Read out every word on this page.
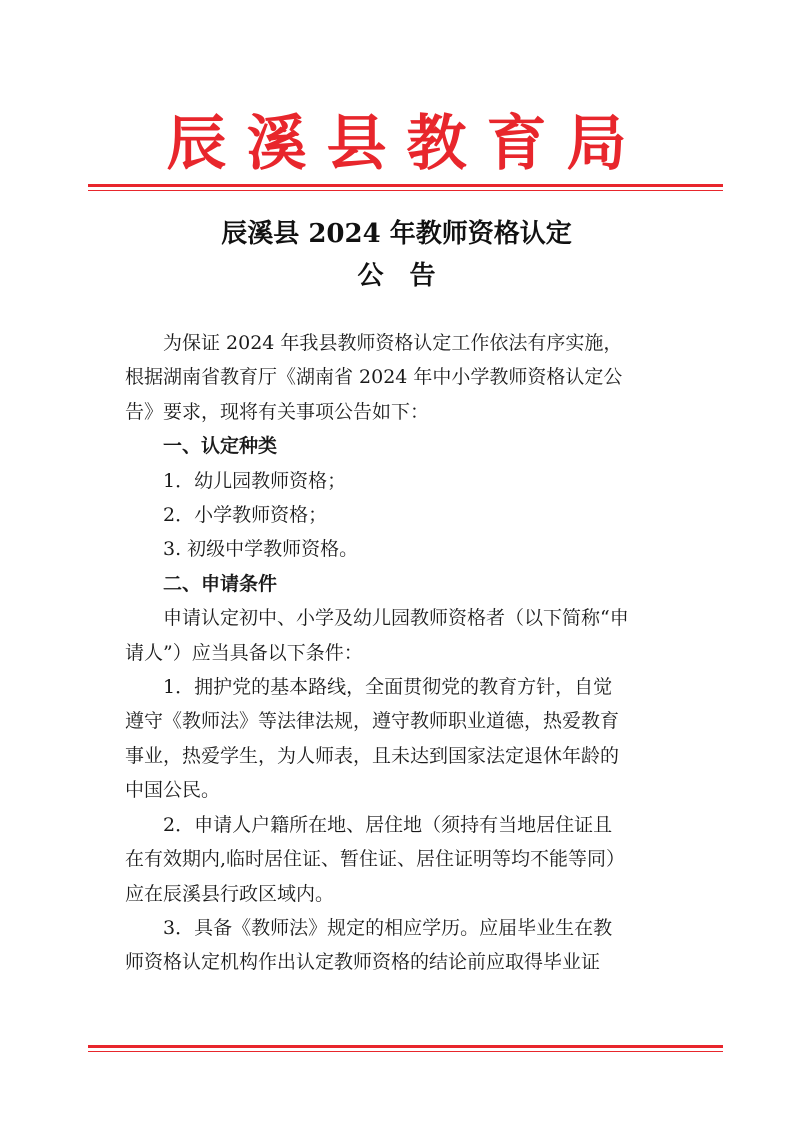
辰溪县教育局
辰溪县 2024 年教师资格认定
公告
为保证 2024 年我县教师资格认定工作依法有序实施，
根据湖南省教育厅《湖南省 2024 年中小学教师资格认定公
告》要求，现将有关事项公告如下：
一、认定种类
1．幼儿园教师资格；
2．小学教师资格；
3. 初级中学教师资格。
二、申请条件
申请认定初中、小学及幼儿园教师资格者（以下简称“申
请人”）应当具备以下条件：
1．拥护党的基本路线，全面贯彻党的教育方针，自觉
遵守《教师法》等法律法规，遵守教师职业道德，热爱教育
事业，热爱学生，为人师表，且未达到国家法定退休年龄的
中国公民。
2．申请人户籍所在地、居住地（须持有当地居住证且
在有效期内,临时居住证、暂住证、居住证明等均不能等同）
应在辰溪县行政区域内。
3．具备《教师法》规定的相应学历。应届毕业生在教
师资格认定机构作出认定教师资格的结论前应取得毕业证
